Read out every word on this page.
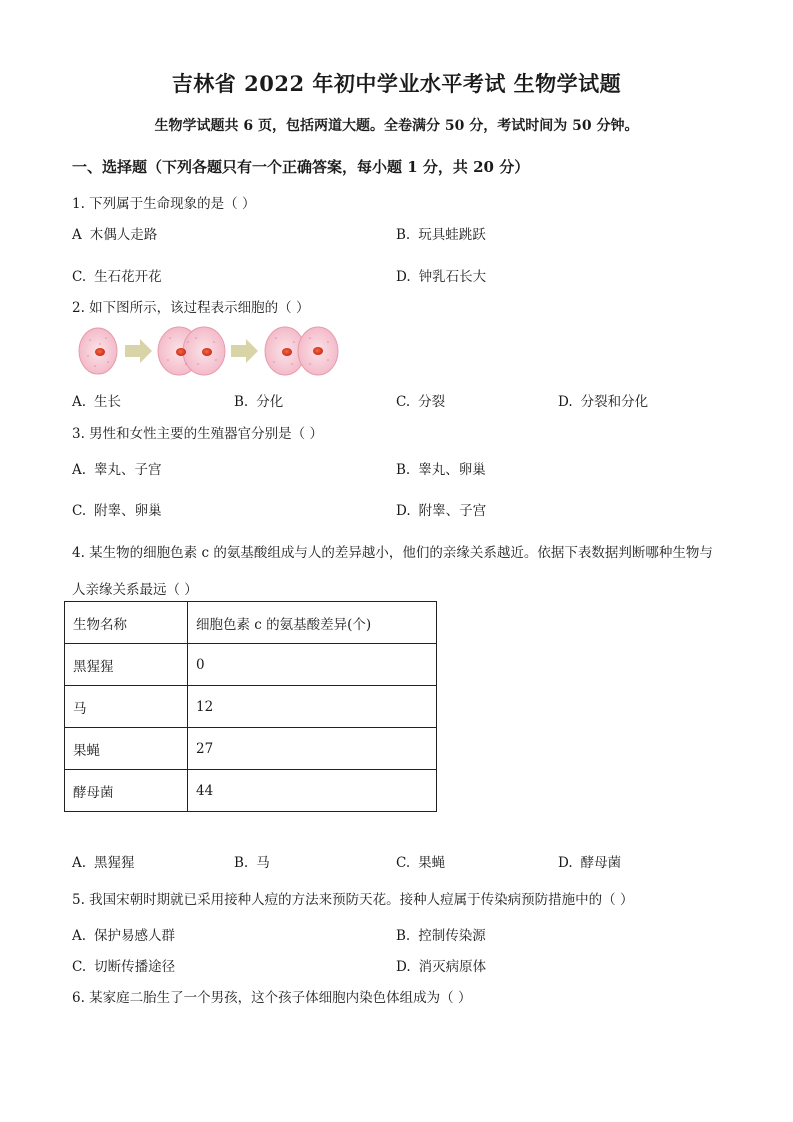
吉林省 2022 年初中学业水平考试 生物学试题
生物学试题共 6 页，包括两道大题。全卷满分 50 分，考试时间为 50 分钟。
一、选择题（下列各题只有一个正确答案，每小题 1 分，共 20 分）
1. 下列属于生命现象的是（ ）
A 木偶人走路	B. 玩具蛙跳跃
C. 生石花开花	D. 钟乳石长大
2. 如下图所示，该过程表示细胞的（ ）
A. 生长	B. 分化	C. 分裂	D. 分裂和分化
3. 男性和女性主要的生殖器官分别是（ ）
A. 睾丸、子宫	B. 睾丸、卵巢
C. 附睾、卵巢	D. 附睾、子宫
4. 某生物的细胞色素 c 的氨基酸组成与人的差异越小，他们的亲缘关系越近。依据下表数据判断哪种生物与
人亲缘关系最远（ ）
生物名称	细胞色素 c 的氨基酸差异(个)
黑猩猩	0
马	12
果蝇	27
酵母菌	44
A. 黑猩猩	B. 马	C. 果蝇	D. 酵母菌
5. 我国宋朝时期就已采用接种人痘的方法来预防天花。接种人痘属于传染病预防措施中的（ ）
A. 保护易感人群	B. 控制传染源
C. 切断传播途径	D. 消灭病原体
6. 某家庭二胎生了一个男孩，这个孩子体细胞内染色体组成为（ ）
